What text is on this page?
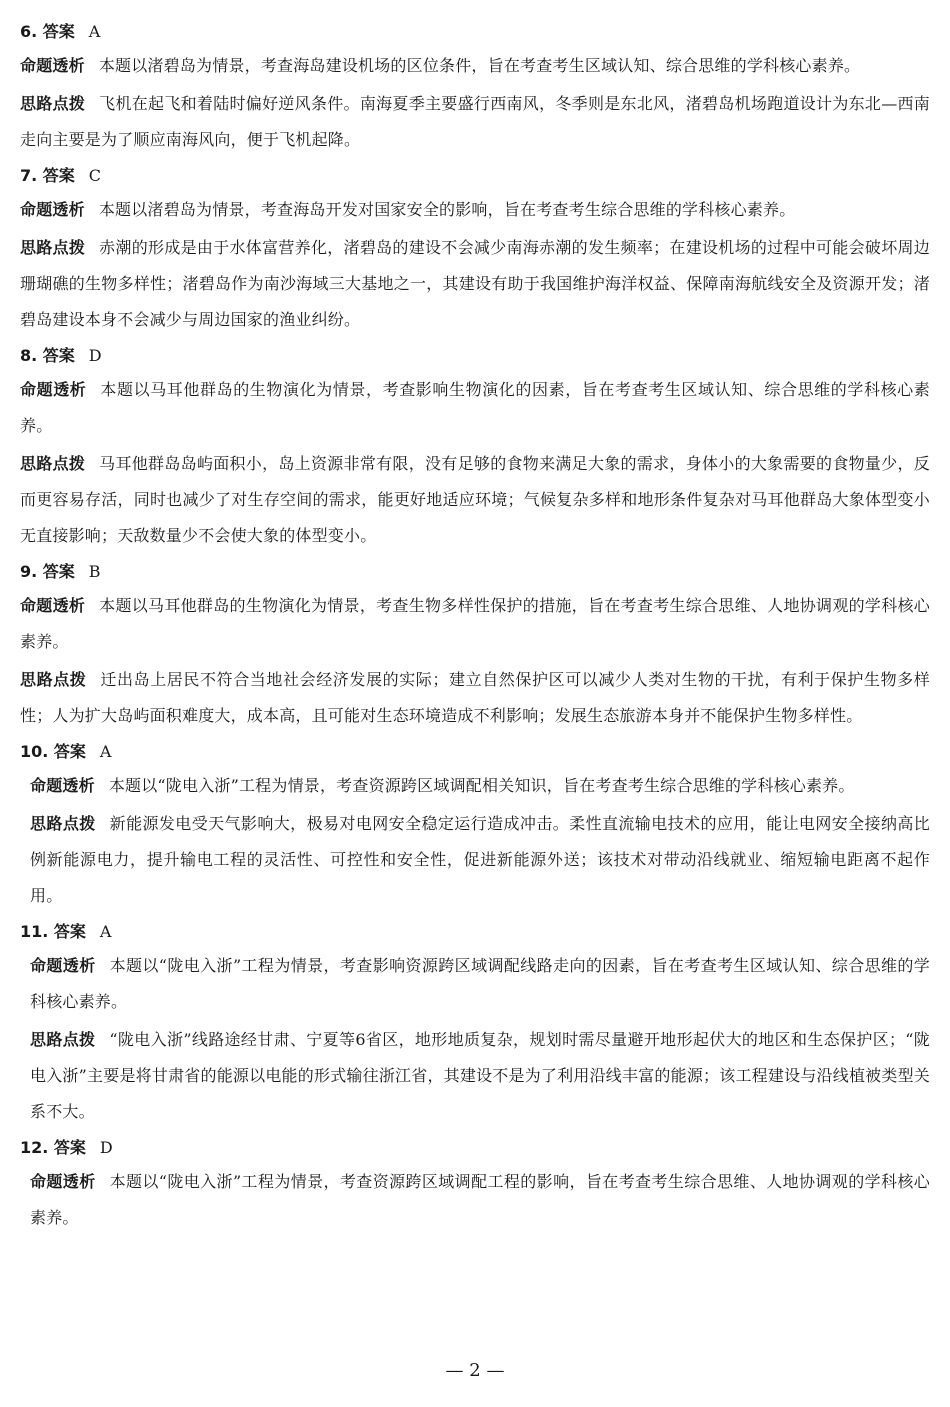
6. 答案 A

命题透析 本题以渚碧岛为情景，考查海岛建设机场的区位条件，旨在考查考生区域认知、综合思维的学科核心素养。

思路点拨 飞机在起飞和着陆时偏好逆风条件。南海夏季主要盛行西南风，冬季则是东北风，渚碧岛机场跑道设计为东北—西南走向主要是为了顺应南海风向，便于飞机起降。

7. 答案 C

命题透析 本题以渚碧岛为情景，考查海岛开发对国家安全的影响，旨在考查考生综合思维的学科核心素养。

思路点拨 赤潮的形成是由于水体富营养化，渚碧岛的建设不会减少南海赤潮的发生频率；在建设机场的过程中可能会破坏周边珊瑚礁的生物多样性；渚碧岛作为南沙海域三大基地之一，其建设有助于我国维护海洋权益、保障南海航线安全及资源开发；渚碧岛建设本身不会减少与周边国家的渔业纠纷。

8. 答案 D

命题透析 本题以马耳他群岛的生物演化为情景，考查影响生物演化的因素，旨在考查考生区域认知、综合思维的学科核心素养。

思路点拨 马耳他群岛岛屿面积小，岛上资源非常有限，没有足够的食物来满足大象的需求，身体小的大象需要的食物量少，反而更容易存活，同时也减少了对生存空间的需求，能更好地适应环境；气候复杂多样和地形条件复杂对马耳他群岛大象体型变小无直接影响；天敌数量少不会使大象的体型变小。

9. 答案 B

命题透析 本题以马耳他群岛的生物演化为情景，考查生物多样性保护的措施，旨在考查考生综合思维、人地协调观的学科核心素养。

思路点拨 迁出岛上居民不符合当地社会经济发展的实际；建立自然保护区可以减少人类对生物的干扰，有利于保护生物多样性；人为扩大岛屿面积难度大，成本高，且可能对生态环境造成不利影响；发展生态旅游本身并不能保护生物多样性。

10. 答案 A

命题透析 本题以“陇电入浙”工程为情景，考查资源跨区域调配相关知识，旨在考查考生综合思维的学科核心素养。

思路点拨 新能源发电受天气影响大，极易对电网安全稳定运行造成冲击。柔性直流输电技术的应用，能让电网安全接纳高比例新能源电力，提升输电工程的灵活性、可控性和安全性，促进新能源外送；该技术对带动沿线就业、缩短输电距离不起作用。

11. 答案 A

命题透析 本题以“陇电入浙”工程为情景，考查影响资源跨区域调配线路走向的因素，旨在考查考生区域认知、综合思维的学科核心素养。

思路点拨 “陇电入浙”线路途经甘肃、宁夏等6省区，地形地质复杂，规划时需尽量避开地形起伏大的地区和生态保护区；“陇电入浙”主要是将甘肃省的能源以电能的形式输往浙江省，其建设不是为了利用沿线丰富的能源；该工程建设与沿线植被类型关系不大。

12. 答案 D

命题透析 本题以“陇电入浙”工程为情景，考查资源跨区域调配工程的影响，旨在考查考生综合思维、人地协调观的学科核心素养。

— 2 —
